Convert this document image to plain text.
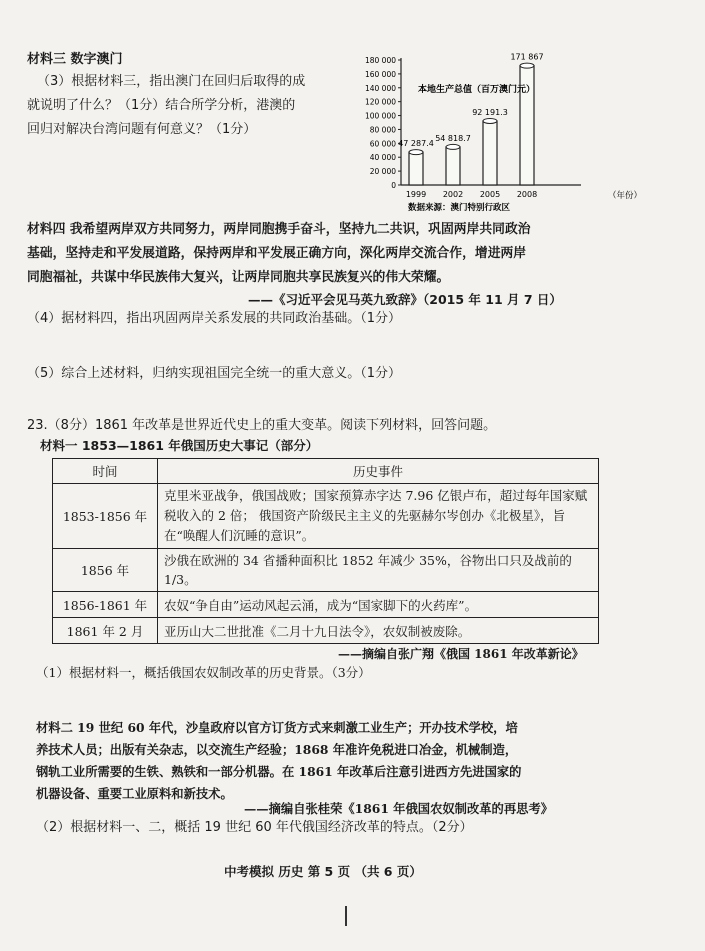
材料三 数字澳门
（3）根据材料三，指出澳门在回归后取得的成
就说明了什么？（1分）结合所学分析，港澳的
回归对解决台湾问题有何意义？（1分）
0
20 000
40 000
60 000
80 000
100 000
120 000
140 000
160 000
180 000
47 287.4
1999
54 818.7
2002
92 191.3
2005
171 867
2008
本地生产总值（百万澳门元）
（年份）
数据来源：澳门特别行政区
材料四 我希望两岸双方共同努力，两岸同胞携手奋斗，坚持九二共识，巩固两岸共同政治
基础，坚持走和平发展道路，保持两岸和平发展正确方向，深化两岸交流合作，增进两岸
同胞福祉，共谋中华民族伟大复兴，让两岸同胞共享民族复兴的伟大荣耀。
——《习近平会见马英九致辞》（2015 年 11 月 7 日）
（4）据材料四，指出巩固两岸关系发展的共同政治基础。（1分）
（5）综合上述材料，归纳实现祖国完全统一的重大意义。（1分）
23.（8分）1861 年改革是世界近代史上的重大变革。阅读下列材料，回答问题。
材料一 1853—1861 年俄国历史大事记（部分）
时间	历史事件
1853-1856 年	克里米亚战争，俄国战败；国家预算赤字达 7.96 亿银卢布，超过每年国家赋税收入的 2 倍； 俄国资产阶级民主主义的先驱赫尔岑创办《北极星》，旨在“唤醒人们沉睡的意识”。
1856 年	沙俄在欧洲的 34 省播种面积比 1852 年减少 35%，谷物出口只及战前的 1/3。
1856-1861 年	农奴“争自由”运动风起云涌，成为“国家脚下的火药库”。
1861 年 2 月	亚历山大二世批准《二月十九日法令》，农奴制被废除。
——摘编自张广翔《俄国 1861 年改革新论》
（1）根据材料一，概括俄国农奴制改革的历史背景。（3分）
材料二 19 世纪 60 年代，沙皇政府以官方订货方式来刺激工业生产；开办技术学校，培
养技术人员；出版有关杂志，以交流生产经验；1868 年准许免税进口冶金，机械制造，
钢轨工业所需要的生铁、熟铁和一部分机器。在 1861 年改革后注意引进西方先进国家的
机器设备、重要工业原料和新技术。
——摘编自张桂荣《1861 年俄国农奴制改革的再思考》
（2）根据材料一、二，概括 19 世纪 60 年代俄国经济改革的特点。（2分）
中考模拟 历史 第 5 页 （共 6 页）
